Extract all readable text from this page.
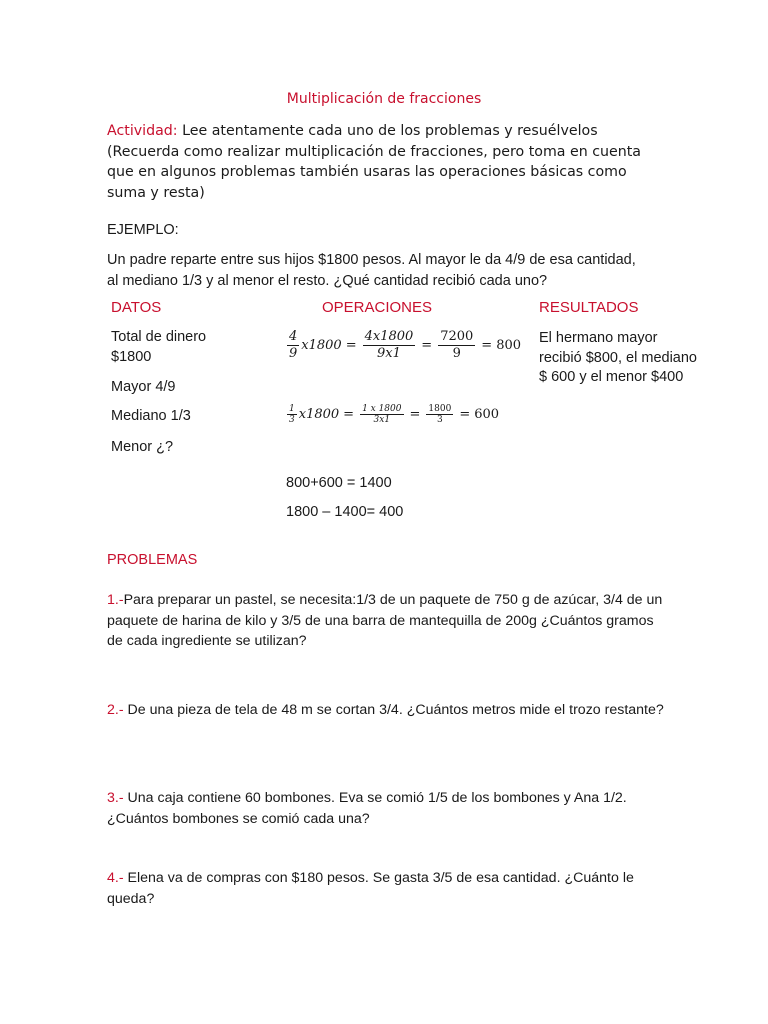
Multiplicación de fracciones
Actividad: Lee atentamente cada uno de los problemas y resuélvelos (Recuerda como realizar multiplicación de fracciones, pero toma en cuenta que en algunos problemas también usaras las operaciones básicas como suma y resta)
EJEMPLO:
Un padre reparte entre sus hijos $1800 pesos. Al mayor le da 4/9 de esa cantidad,
al mediano 1/3 y al menor el resto. ¿Qué cantidad recibió cada uno?
DATOS	OPERACIONES	RESULTADOS
Total de dinero
$1800
Mayor 4/9
Mediano 1/3
Menor ¿?
$\frac{4}{9}$ 𝑥1800 = $\frac{\text{4𝑥1800}}{\text{9𝑥1}} = \frac{7200}{9} = 800$
$\frac{1}{3}$ 𝑥1800 = $\frac{\text{1 𝑥 1800}}{\text{3𝑥1}} = \frac{1800}{3} = 600$
800+600 = 1400
1800 – 1400= 400
El hermano mayor recibió $800, el mediano $ 600 y el menor $400
PROBLEMAS
1.-Para preparar un pastel, se necesita:1/3 de un paquete de 750 g de azúcar, 3/4 de un paquete de harina de kilo y 3/5 de una barra de mantequilla de 200g ¿Cuántos gramos de cada ingrediente se utilizan?
2.- De una pieza de tela de 48 m se cortan 3/4. ¿Cuántos metros mide el trozo restante?
3.- Una caja contiene 60 bombones. Eva se comió 1/5 de los bombones y Ana 1/2. ¿Cuántos bombones se comió cada una?
4.- Elena va de compras con $180 pesos. Se gasta 3/5 de esa cantidad. ¿Cuánto le queda?
